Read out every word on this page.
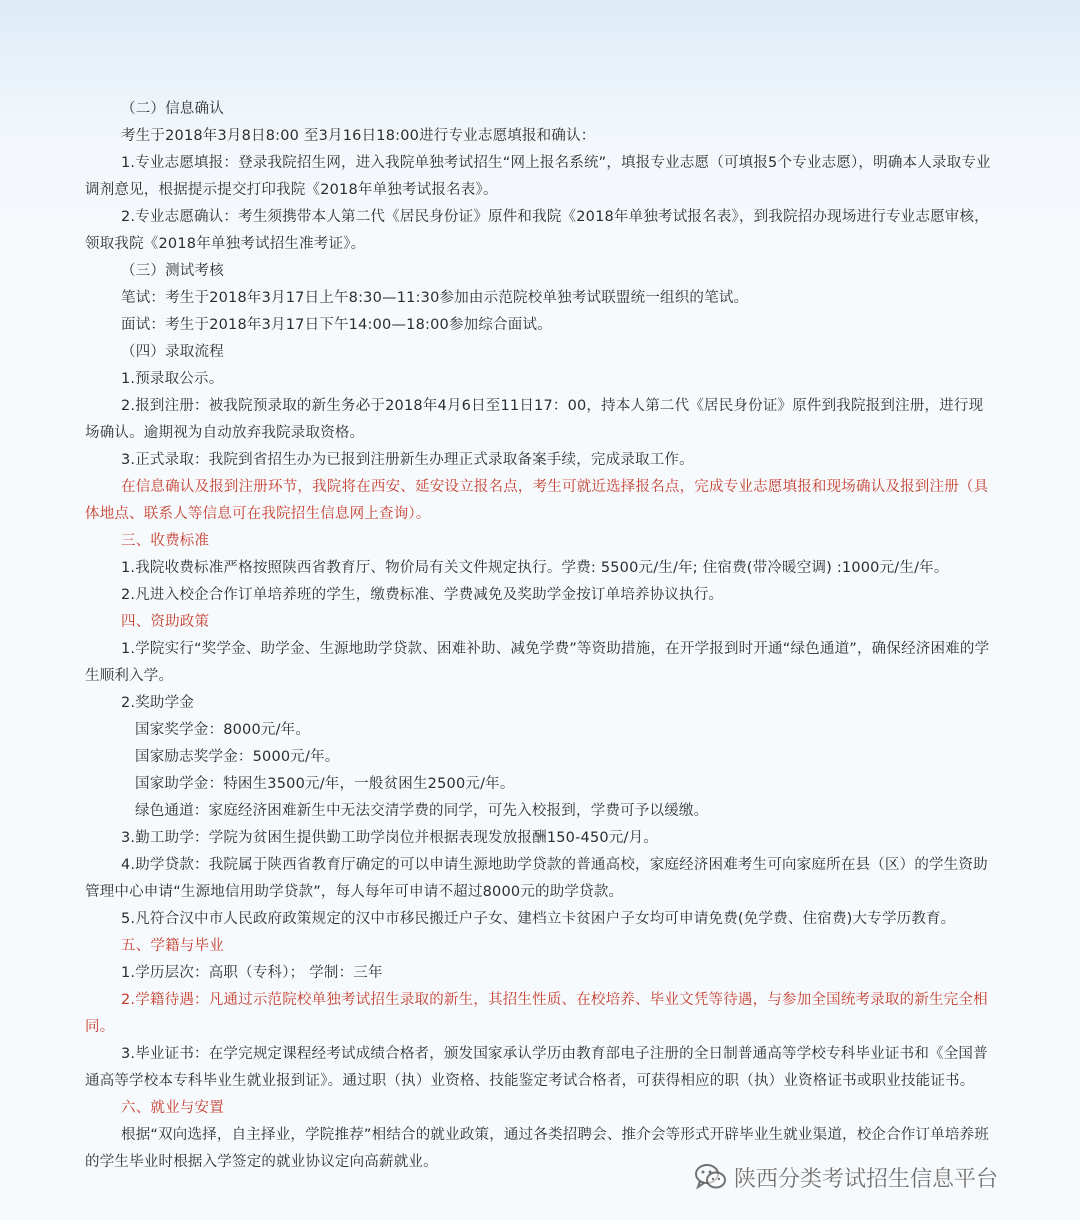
（二）信息确认

考生于2018年3月8日8:00 至3月16日18:00进行专业志愿填报和确认：

1.专业志愿填报：登录我院招生网，进入我院单独考试招生“网上报名系统”，填报专业志愿（可填报5个专业志愿），明确本人录取专业调剂意见，根据提示提交打印我院《2018年单独考试报名表》。

2.专业志愿确认：考生须携带本人第二代《居民身份证》原件和我院《2018年单独考试报名表》，到我院招办现场进行专业志愿审核，领取我院《2018年单独考试招生准考证》。

（三）测试考核

笔试：考生于2018年3月17日上午8:30—11:30参加由示范院校单独考试联盟统一组织的笔试。

面试：考生于2018年3月17日下午14:00—18:00参加综合面试。

（四）录取流程

1.预录取公示。

2.报到注册：被我院预录取的新生务必于2018年4月6日至11日17：00，持本人第二代《居民身份证》原件到我院报到注册，进行现场确认。逾期视为自动放弃我院录取资格。

3.正式录取：我院到省招生办为已报到注册新生办理正式录取备案手续，完成录取工作。

在信息确认及报到注册环节，我院将在西安、延安设立报名点，考生可就近选择报名点，完成专业志愿填报和现场确认及报到注册（具体地点、联系人等信息可在我院招生信息网上查询）。

三、收费标准

1.我院收费标准严格按照陕西省教育厅、物价局有关文件规定执行。学费: 5500元/生/年; 住宿费(带冷暖空调) :1000元/生/年。

2.凡进入校企合作订单培养班的学生，缴费标准、学费减免及奖助学金按订单培养协议执行。

四、资助政策

1.学院实行“奖学金、助学金、生源地助学贷款、困难补助、减免学费”等资助措施，在开学报到时开通“绿色通道”，确保经济困难的学生顺利入学。

2.奖助学金

国家奖学金：8000元/年。

国家励志奖学金：5000元/年。

国家助学金：特困生3500元/年，一般贫困生2500元/年。

绿色通道：家庭经济困难新生中无法交清学费的同学，可先入校报到，学费可予以缓缴。

3.勤工助学：学院为贫困生提供勤工助学岗位并根据表现发放报酬150-450元/月。

4.助学贷款：我院属于陕西省教育厅确定的可以申请生源地助学贷款的普通高校，家庭经济困难考生可向家庭所在县（区）的学生资助管理中心申请“生源地信用助学贷款”，每人每年可申请不超过8000元的助学贷款。

5.凡符合汉中市人民政府政策规定的汉中市移民搬迁户子女、建档立卡贫困户子女均可申请免费(免学费、住宿费)大专学历教育。

五、学籍与毕业

1.学历层次：高职（专科）； 学制：三年

2.学籍待遇：凡通过示范院校单独考试招生录取的新生，其招生性质、在校培养、毕业文凭等待遇，与参加全国统考录取的新生完全相同。

3.毕业证书：在学完规定课程经考试成绩合格者，颁发国家承认学历由教育部电子注册的全日制普通高等学校专科毕业证书和《全国普通高等学校本专科毕业生就业报到证》。通过职（执）业资格、技能鉴定考试合格者，可获得相应的职（执）业资格证书或职业技能证书。

六、就业与安置

根据“双向选择，自主择业，学院推荐”相结合的就业政策，通过各类招聘会、推介会等形式开辟毕业生就业渠道，校企合作订单培养班的学生毕业时根据入学签定的就业协议定向高薪就业。

陕西分类考试招生信息平台
